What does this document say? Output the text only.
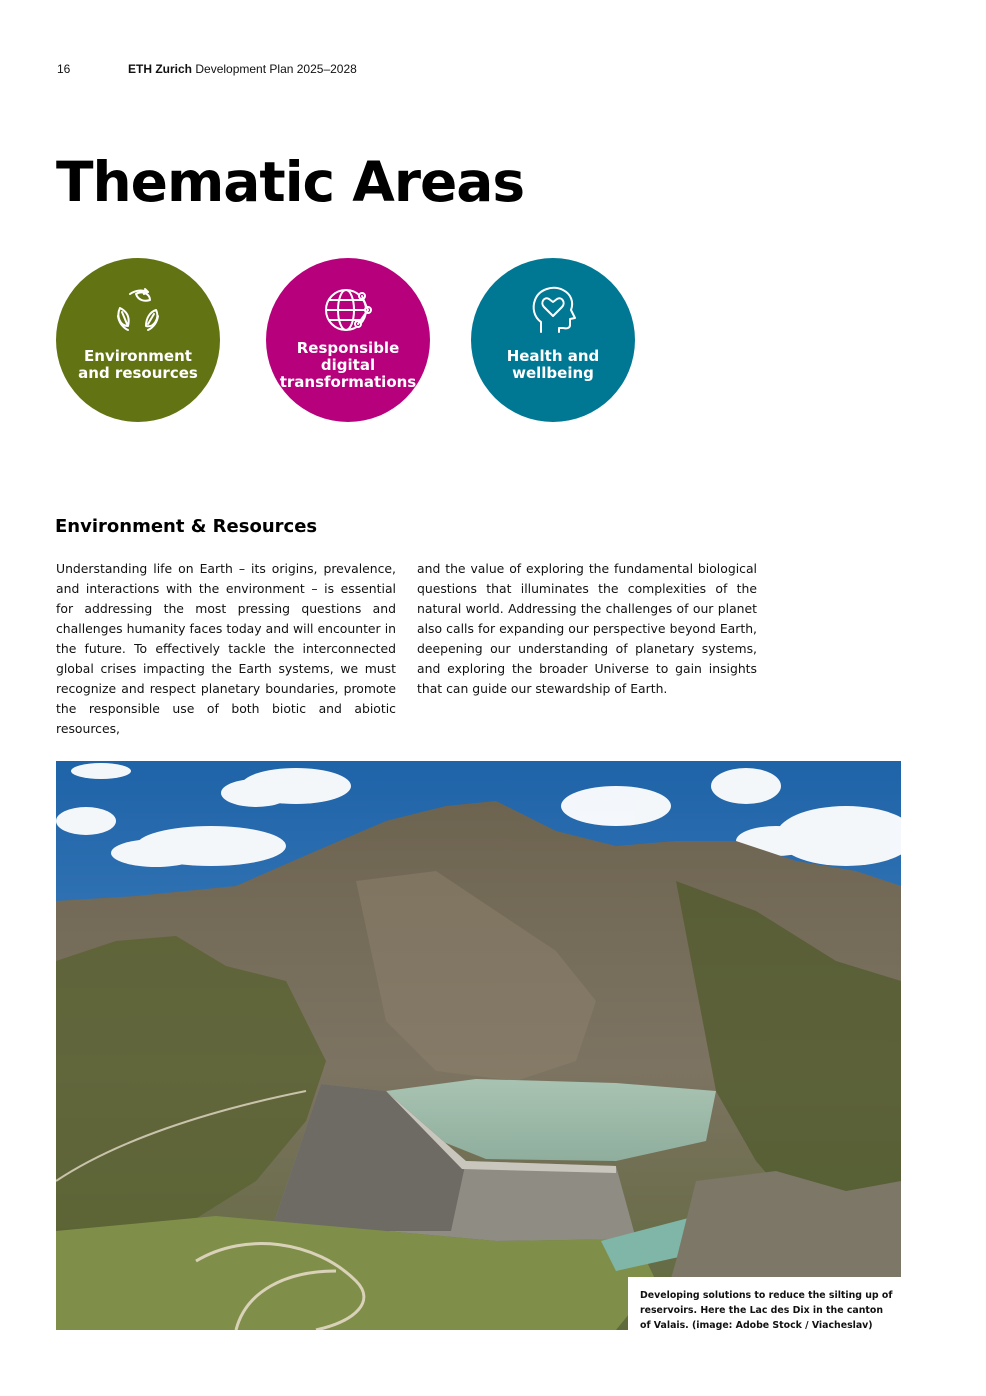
16	ETH Zurich Development Plan 2025–2028
Thematic Areas
Environment and resources
Responsible digital transformations
Health and wellbeing
Environment & Resources

Understanding life on Earth – its origins, prevalence, and interactions with the environment – is essential for addressing the most pressing questions and challenges humanity faces today and will encounter in the future. To effectively tackle the interconnected global crises impacting the Earth systems, we must recognize and respect planetary boundaries, promote the responsible use of both biotic and abiotic resources,

and the value of exploring the fundamental biological questions that illuminates the complexities of the natural world. Addressing the challenges of our planet also calls for expanding our perspective beyond Earth, deepening our understanding of planetary systems, and exploring the broader Universe to gain insights that can guide our stewardship of Earth.

Developing solutions to reduce the silting up of reservoirs. Here the Lac des Dix in the canton of Valais. (image: Adobe Stock / Viacheslav)
